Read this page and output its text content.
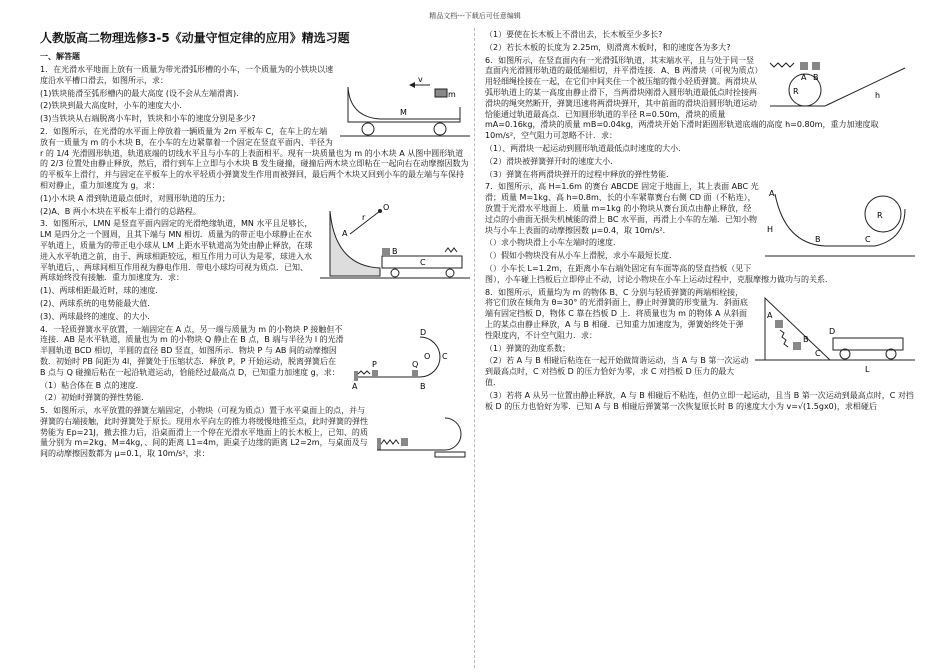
精品文档---下载后可任意编辑
人教版高二物理选修3-5《动量守恒定律的应用》精选习题
一、解答题
v
M
m

1．在光滑水平地面上放有一质量为带光滑弧形槽的小车，一个质量为的小铁块以速度沿水平槽口滑去，如图所示，求：

(1)铁块能滑至弧形槽内的最大高度 (设不会从左端滑离)．

(2)铁块到最大高度时，小车的速度大小．

(3)当铁块从右端脱离小车时，铁块和小车的速度分别是多少?

2．如图所示，在光滑的水平面上停放着一辆质量为 2m 平板车 C，在车上的左端放有一质量为 m 的小木块 B，在小车的左边紧靠着一个固定在竖直平面内、半径为 r 的 1/4 光滑圆形轨道，轨道底端的切线水平且与小车的上表面相平。现有一块质量也为 m 的小木块 A 从图中圆形轨道的 2/3 位置处由静止释放，然后，滑行到车上立即与小木块 B 发生碰撞，碰撞后两木块立即粘在一起向右在动摩擦因数为的平板车上滑行，并与固定在平板车上的水平轻质小弹簧发生作用而被弹回，最后两个木块又回到小车的最左端与车保持相对静止，重力加速度为 g，求：

O
r
A
B
C

(1)小木块 A 滑到轨道最点低时，对圆形轨道的压力；

(2)A、B 两小木块在平板车上滑行的总路程。

3．如图所示，LMN 是竖直平面内固定的光滑绝缘轨道，MN 水平且足够长，LM 是四分之一个圆周，且其下端与 MN 相切．质量为的带正电小球静止在水平轨道上，质量为的带正电小球从 LM 上距水平轨道高为处由静止释放，在球进入水平轨道之前，由于、两球相距较远，相互作用力可认为是零，球进入水平轨道后，、两球间相互作用视为静电作用．带电小球均可视为质点．已知、两球始终没有接触．重力加速度为．求：

(1)、两球相距最近时，球的速度．

(2)、两球系统的电势能最大值．

(3)、两球最终的速度、的大小．

A
P	Q
B
D
C
O

4．一轻质弹簧水平放置，一端固定在 A 点，另一端与质量为 m 的小物块 P 接触但不连接．AB 是水平轨道，质量也为 m 的小物块 Q 静止在 B 点，B 端与半径为 l 的光滑半圆轨道 BCD 相切，半圆的直径 BD 竖直，如图所示．物块 P 与 AB 间的动摩擦因数．初始时 PB 间距为 4l，弹簧处于压缩状态．释放 P，P 开始运动，脱离弹簧后在 B 点与 Q 碰撞后粘在一起沿轨道运动，恰能经过最高点 D，已知重力加速度 g，求：

（1）粘合体在 B 点的速度．

（2）初始时弹簧的弹性势能．

5．如图所示，水平放置的弹簧左端固定，小物块（可视为质点）置于水平桌面上的点，并与弹簧的右端接触，此时弹簧处于原长。现用水平向左的推力将缓慢地推至点，此时弹簧的弹性势能为 Ep=21J，撤去推力后，沿桌面滑上一个停在光滑水平地面上的长木板上，已知、的质量分别为 m=2kg、M=4kg，、间的距离 L1=4m，距桌子边缘的距离 L2=2m，与桌面及与间的动摩擦因数都为 μ=0.1，取 10m/s²，求：

（1）要使在长木板上不滑出去，长木板至少多长?

（2）若长木板的长度为 2.25m，则滑离木板时，和的速度各为多大?

A B
h
R

6．如图所示，在竖直面内有一光滑弧形轨道，其末端水平，且与处于同一竖直面内光滑圆形轨道的最低端相切，并平滑连接．A、B 两滑块（可视为质点）用轻细绳拴接在一起，在它们中间夹住一个被压缩的微小轻质弹簧。两滑块从弧形轨道上的某一高度由静止滑下，当两滑块刚滑入圆形轨道最低点时拴接两滑块的绳突然断开，弹簧迅速将两滑块弹开，其中前面的滑块沿圆形轨道运动恰能通过轨道最高点．已知圆形轨道的半径 R=0.50m，滑块的质量 mA=0.16kg，滑块的质量 mB=0.04kg，两滑块开始下滑时距圆形轨道底端的高度 h=0.80m，重力加速度取 10m/s²，空气阻力可忽略不计．求：

（1）、两滑块一起运动到圆形轨道最低点时速度的大小．

（2）滑块被弹簧弹开时的速度大小．

（3）弹簧在将两滑块弹开的过程中释放的弹性势能．

A
B	C
H
R

7．如图所示，高 H=1.6m 的赛台 ABCDE 固定于地面上，其上表面 ABC 光滑；质量 M=1kg、高 h=0.8m、长的小车紧靠赛台右侧 CD 面（不粘连），放置于光滑水平地面上．质量 m=1kg 的小物块从赛台顶点由静止释放，经过点的小曲面无损失机械能的滑上 BC 水平面，再滑上小车的左端．已知小物块与小车上表面的动摩擦因数 μ=0.4，取 10m/s²．

（）求小物块滑上小车左端时的速度．

（）假如小物块没有从小车上滑脱，求小车最短长度．

（）小车长 L=1.2m，在距离小车右端处固定有车面等高的竖直挡板（见下图），小车碰上挡板后立即停止不动，讨论小物块在小车上运动过程中，克服摩擦力做功与的关系．

A
B
C
L
D

8．如图所示，质量均为 m 的物体 B、C 分别与轻质弹簧的两端相栓接，将它们放在倾角为 θ=30° 的光滑斜面上，静止时弹簧的形变量为．斜面底端有固定挡板 D，物体 C 靠在挡板 D 上．将质量也为 m 的物体 A 从斜面上的某点由静止释放，A 与 B 相碰．已知重力加速度为，弹簧始终处于弹性限度内，不计空气阻力．求：

（1）弹簧的劲度系数；

（2）若 A 与 B 相碰后粘连在一起开始做简谐运动，当 A 与 B 第一次运动到最高点时，C 对挡板 D 的压力恰好为零，求 C 对挡板 D 压力的最大值．

（3）若将 A 从另一位置由静止释放，A 与 B 相碰后不粘连，但仍立即一起运动，且当 B 第一次运动到最高点时，C 对挡板 D 的压力也恰好为零．已知 A 与 B 相碰后弹簧第一次恢复原长时 B 的速度大小为 v=√(1.5gx0)，求相碰后
